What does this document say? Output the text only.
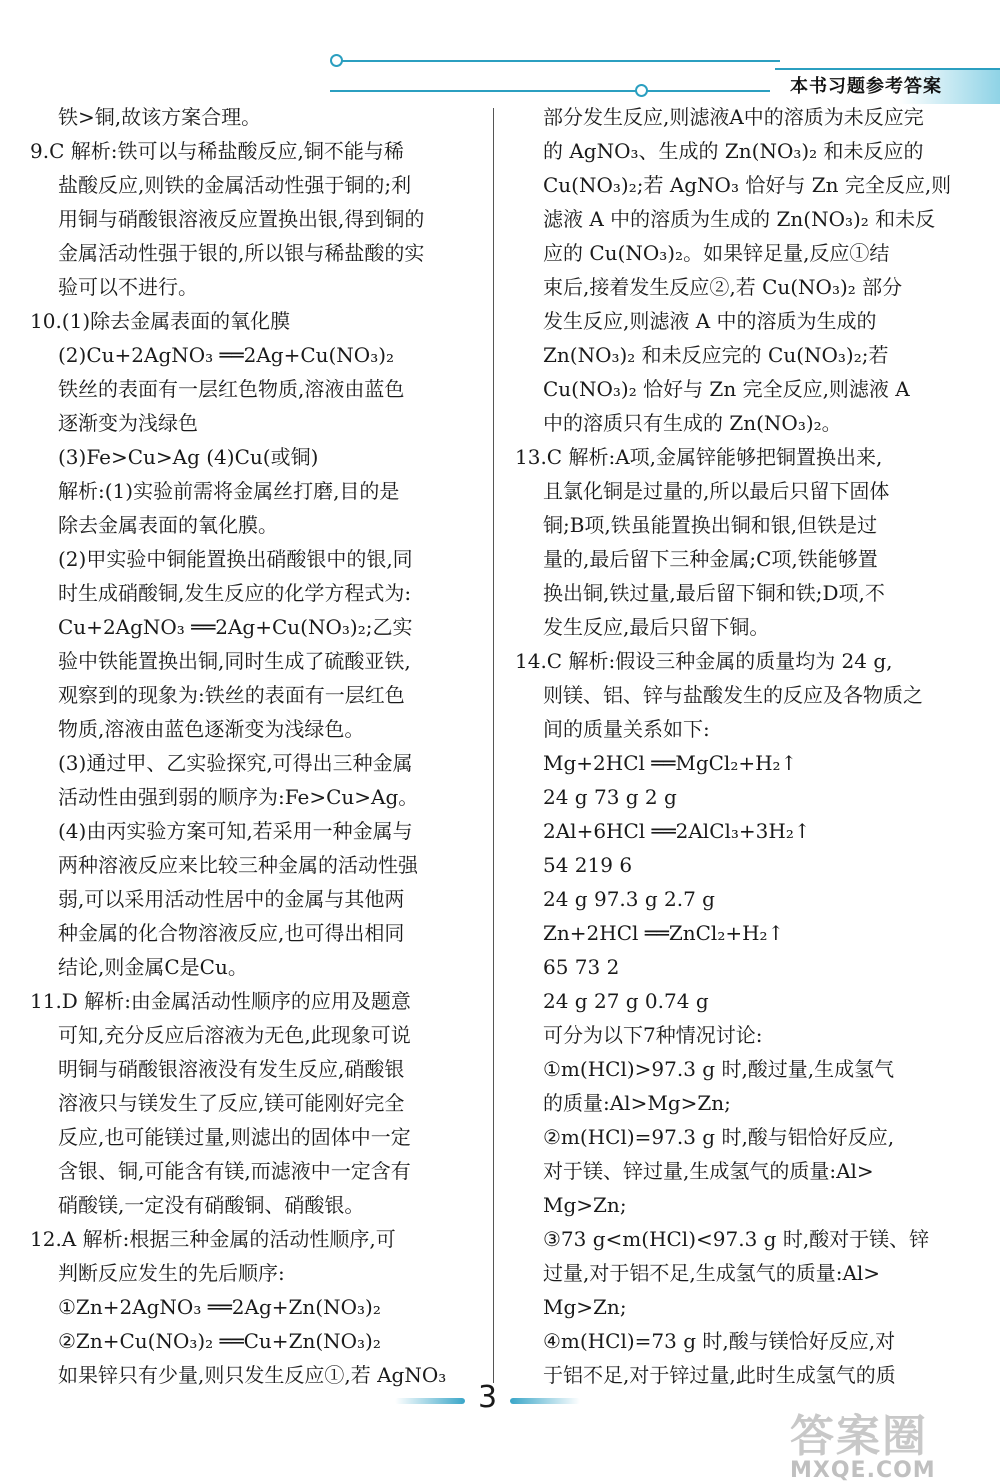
本书习题参考答案

铁>铜,故该方案合理。

9.C 解析:铁可以与稀盐酸反应,铜不能与稀

盐酸反应,则铁的金属活动性强于铜的;利

用铜与硝酸银溶液反应置换出银,得到铜的

金属活动性强于银的,所以银与稀盐酸的实

验可以不进行。

10.(1)除去金属表面的氧化膜

(2)Cu+2AgNO₃ ══2Ag+Cu(NO₃)₂

铁丝的表面有一层红色物质,溶液由蓝色

逐渐变为浅绿色

(3)Fe>Cu>Ag (4)Cu(或铜)

解析:(1)实验前需将金属丝打磨,目的是

除去金属表面的氧化膜。

(2)甲实验中铜能置换出硝酸银中的银,同

时生成硝酸铜,发生反应的化学方程式为:

Cu+2AgNO₃ ══2Ag+Cu(NO₃)₂;乙实

验中铁能置换出铜,同时生成了硫酸亚铁,

观察到的现象为:铁丝的表面有一层红色

物质,溶液由蓝色逐渐变为浅绿色。

(3)通过甲、乙实验探究,可得出三种金属

活动性由强到弱的顺序为:Fe>Cu>Ag。

(4)由丙实验方案可知,若采用一种金属与

两种溶液反应来比较三种金属的活动性强

弱,可以采用活动性居中的金属与其他两

种金属的化合物溶液反应,也可得出相同

结论,则金属C是Cu。

11.D 解析:由金属活动性顺序的应用及题意

可知,充分反应后溶液为无色,此现象可说

明铜与硝酸银溶液没有发生反应,硝酸银

溶液只与镁发生了反应,镁可能刚好完全

反应,也可能镁过量,则滤出的固体中一定

含银、铜,可能含有镁,而滤液中一定含有

硝酸镁,一定没有硝酸铜、硝酸银。

12.A 解析:根据三种金属的活动性顺序,可

判断反应发生的先后顺序:

①Zn+2AgNO₃ ══2Ag+Zn(NO₃)₂

②Zn+Cu(NO₃)₂ ══Cu+Zn(NO₃)₂

如果锌只有少量,则只发生反应①,若 AgNO₃

部分发生反应,则滤液A中的溶质为未反应完

的 AgNO₃、生成的 Zn(NO₃)₂ 和未反应的

Cu(NO₃)₂;若 AgNO₃ 恰好与 Zn 完全反应,则

滤液 A 中的溶质为生成的 Zn(NO₃)₂ 和未反

应的 Cu(NO₃)₂。如果锌足量,反应①结

束后,接着发生反应②,若 Cu(NO₃)₂ 部分

发生反应,则滤液 A 中的溶质为生成的

Zn(NO₃)₂ 和未反应完的 Cu(NO₃)₂;若

Cu(NO₃)₂ 恰好与 Zn 完全反应,则滤液 A

中的溶质只有生成的 Zn(NO₃)₂。

13.C 解析:A项,金属锌能够把铜置换出来,

且氯化铜是过量的,所以最后只留下固体

铜;B项,铁虽能置换出铜和银,但铁是过

量的,最后留下三种金属;C项,铁能够置

换出铜,铁过量,最后留下铜和铁;D项,不

发生反应,最后只留下铜。

14.C 解析:假设三种金属的质量均为 24 g,

则镁、铝、锌与盐酸发生的反应及各物质之

间的质量关系如下:

Mg+2HCl ══MgCl₂+H₂↑

24 g 73 g 2 g

2Al+6HCl ══2AlCl₃+3H₂↑

54 219 6

24 g 97.3 g 2.7 g

Zn+2HCl ══ZnCl₂+H₂↑

65 73 2

24 g 27 g 0.74 g

可分为以下7种情况讨论:

①m(HCl)>97.3 g 时,酸过量,生成氢气

的质量:Al>Mg>Zn;

②m(HCl)=97.3 g 时,酸与铝恰好反应,

对于镁、锌过量,生成氢气的质量:Al>

Mg>Zn;

③73 g<m(HCl)<97.3 g 时,酸对于镁、锌

过量,对于铝不足,生成氢气的质量:Al>

Mg>Zn;

④m(HCl)=73 g 时,酸与镁恰好反应,对

于铝不足,对于锌过量,此时生成氢气的质

3
答案圈
MXQE.COM
